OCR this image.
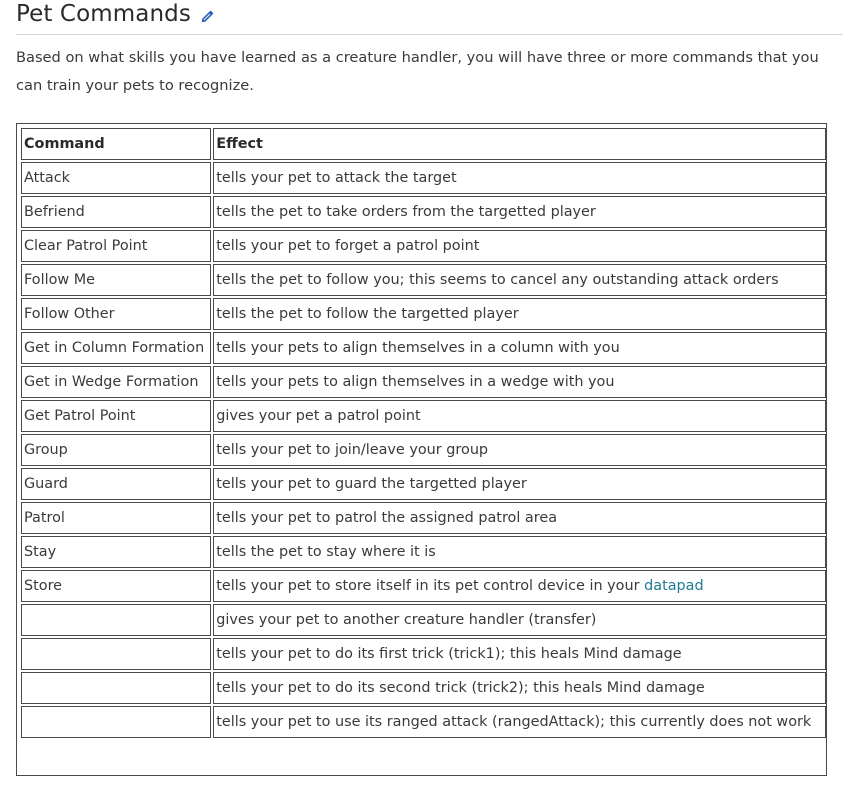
Pet Commands

Based on what skills you have learned as a creature handler, you will have three or more commands that you can train your pets to recognize.

Command	Effect
Attack	tells your pet to attack the target
Befriend	tells the pet to take orders from the targetted player
Clear Patrol Point	tells your pet to forget a patrol point
Follow Me	tells the pet to follow you; this seems to cancel any outstanding attack orders
Follow Other	tells the pet to follow the targetted player
Get in Column Formation	tells your pets to align themselves in a column with you
Get in Wedge Formation	tells your pets to align themselves in a wedge with you
Get Patrol Point	gives your pet a patrol point
Group	tells your pet to join/leave your group
Guard	tells your pet to guard the targetted player
Patrol	tells your pet to patrol the assigned patrol area
Stay	tells the pet to stay where it is
Store	tells your pet to store itself in its pet control device in your datapad
	gives your pet to another creature handler (transfer)
	tells your pet to do its first trick (trick1); this heals Mind damage
	tells your pet to do its second trick (trick2); this heals Mind damage
	tells your pet to use its ranged attack (rangedAttack); this currently does not work
